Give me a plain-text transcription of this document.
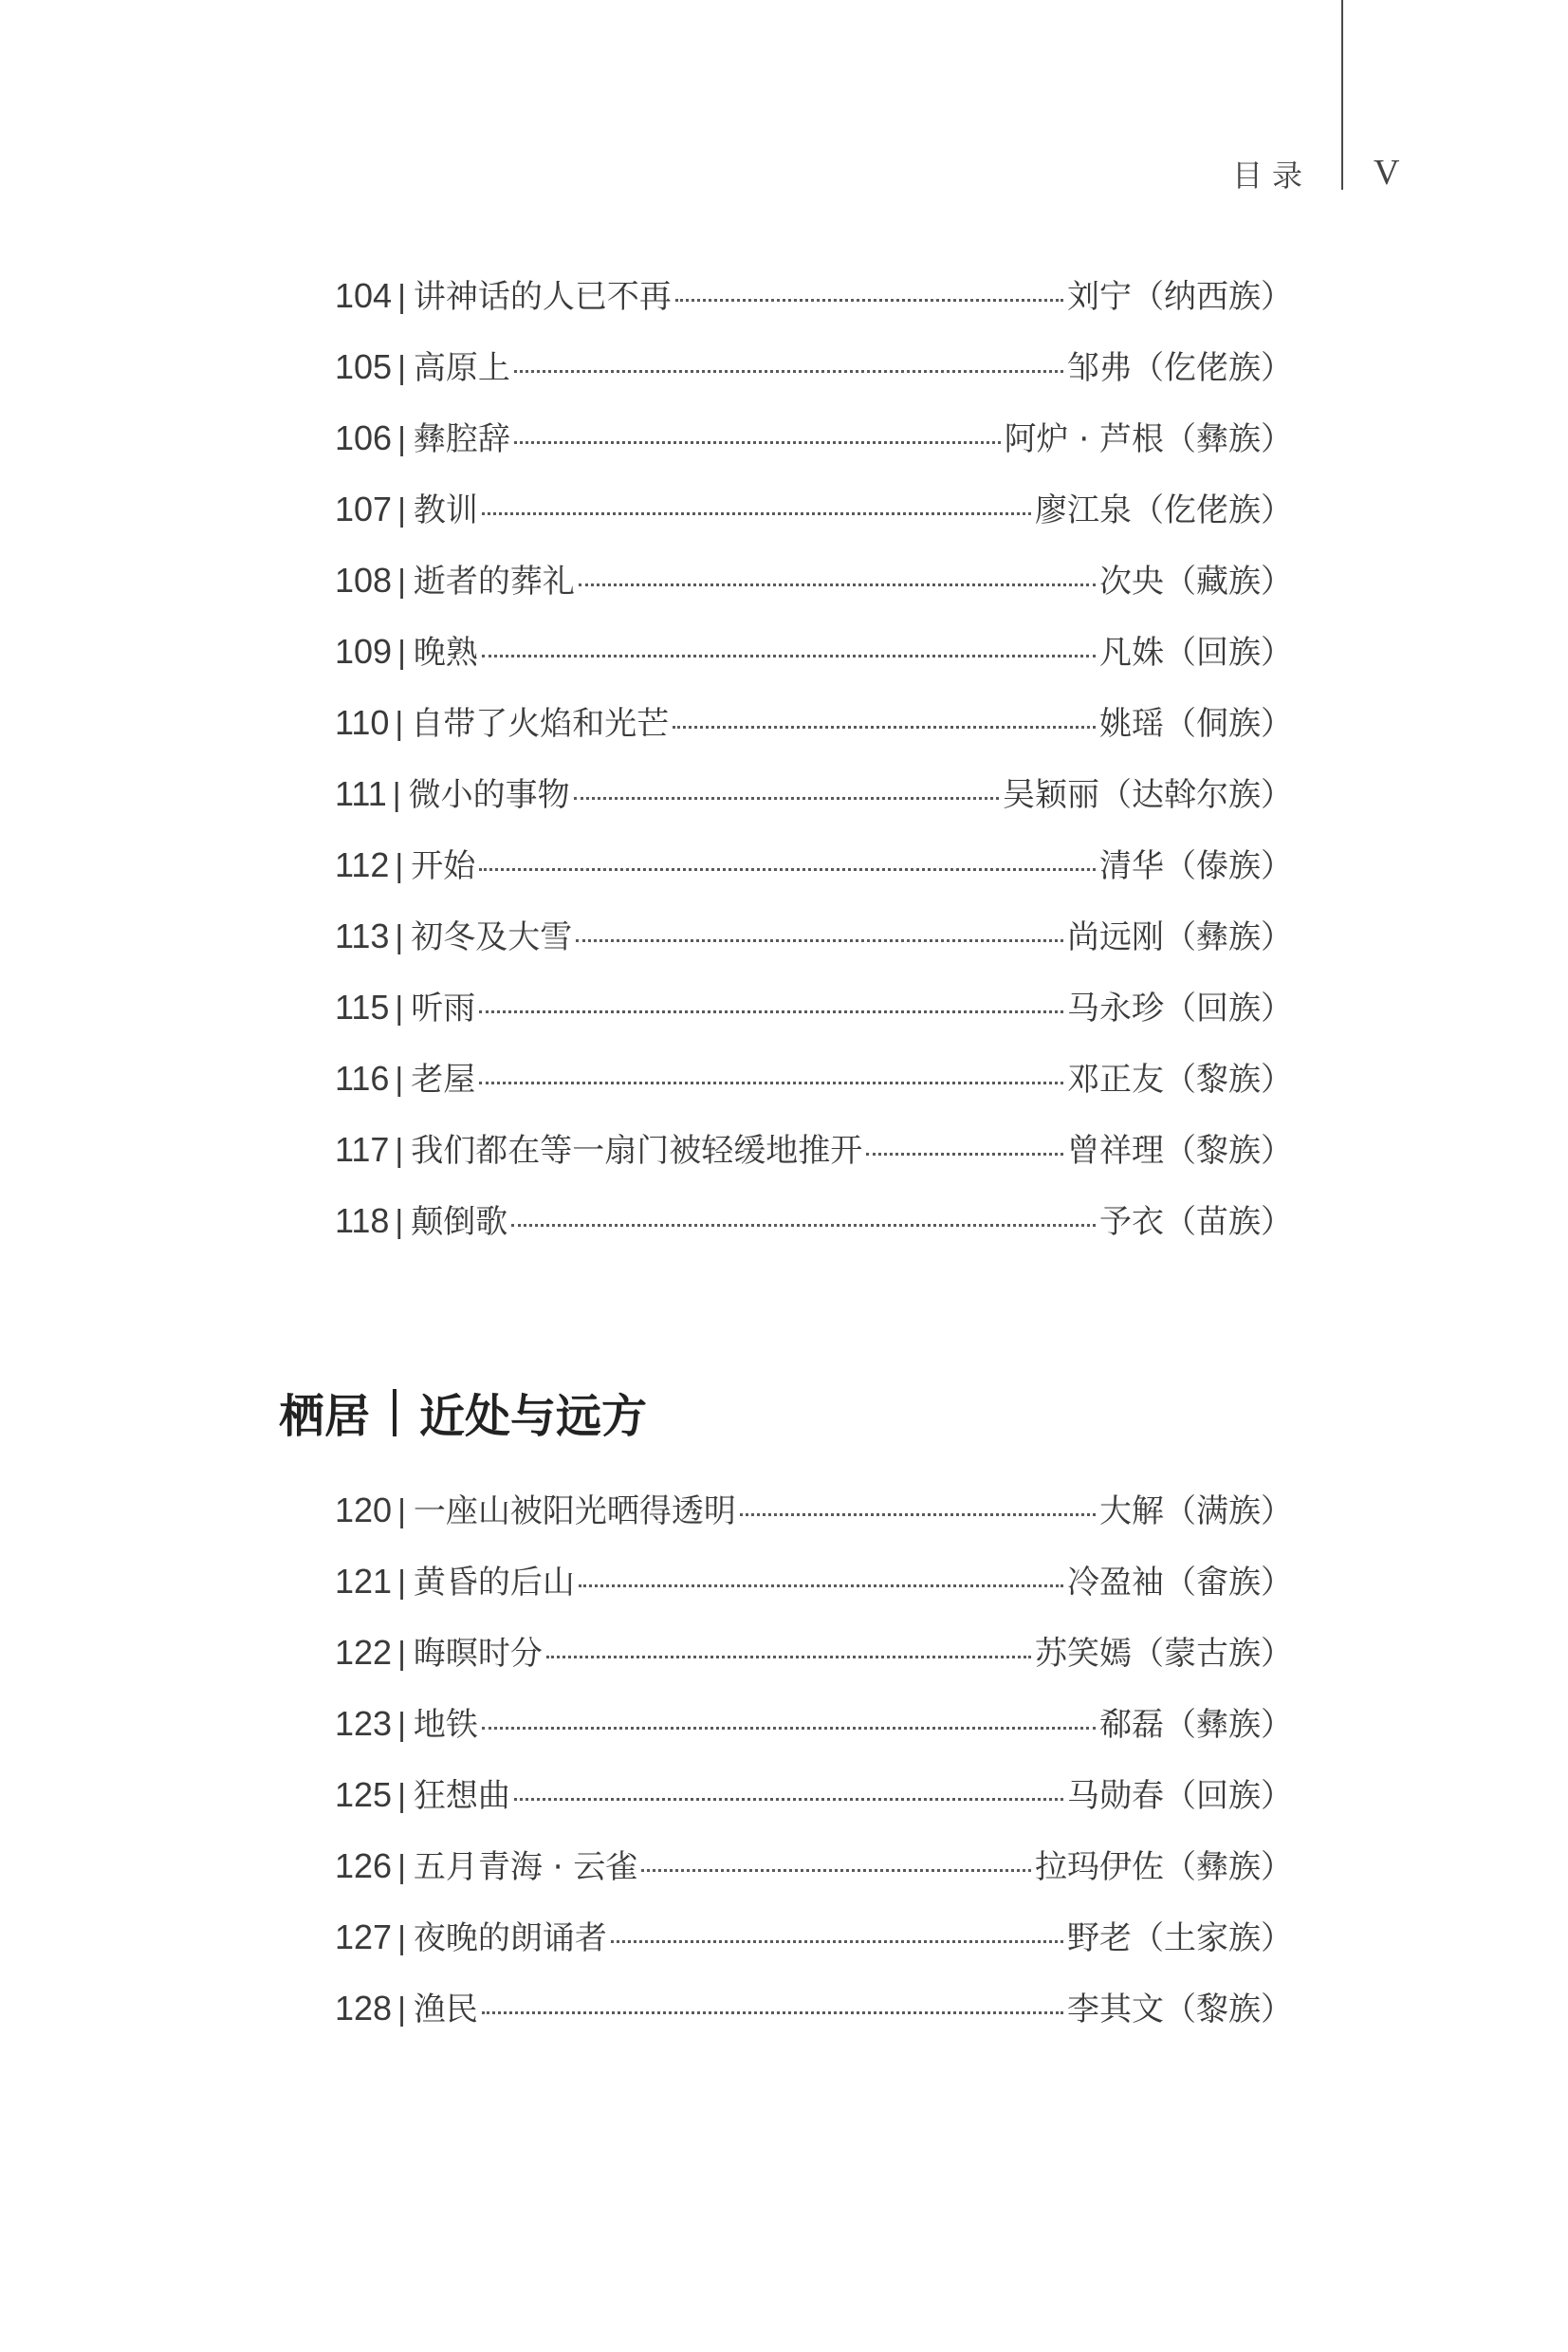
目录 V
104 | 讲神话的人已不再	刘宁（纳西族）
105 | 高原上	邹弗（仡佬族）
106 | 彝腔辞	阿炉 · 芦根（彝族）
107 | 教训	廖江泉（仡佬族）
108 | 逝者的葬礼	次央（藏族）
109 | 晚熟	凡姝（回族）
110 | 自带了火焰和光芒	姚瑶（侗族）
111 | 微小的事物	吴颖丽（达斡尔族）
112 | 开始	清华（傣族）
113 | 初冬及大雪	尚远刚（彝族）
115 | 听雨	马永珍（回族）
116 | 老屋	邓正友（黎族）
117 | 我们都在等一扇门被轻缓地推开	曾祥理（黎族）
118 | 颠倒歌	予衣（苗族）
栖居 近处与远方
120 | 一座山被阳光晒得透明	大解（满族）
121 | 黄昏的后山	冷盈袖（畲族）
122 | 晦暝时分	苏笑嫣（蒙古族）
123 | 地铁	郗磊（彝族）
125 | 狂想曲	马勋春（回族）
126 | 五月青海 · 云雀	拉玛伊佐（彝族）
127 | 夜晚的朗诵者	野老（土家族）
128 | 渔民	李其文（黎族）
